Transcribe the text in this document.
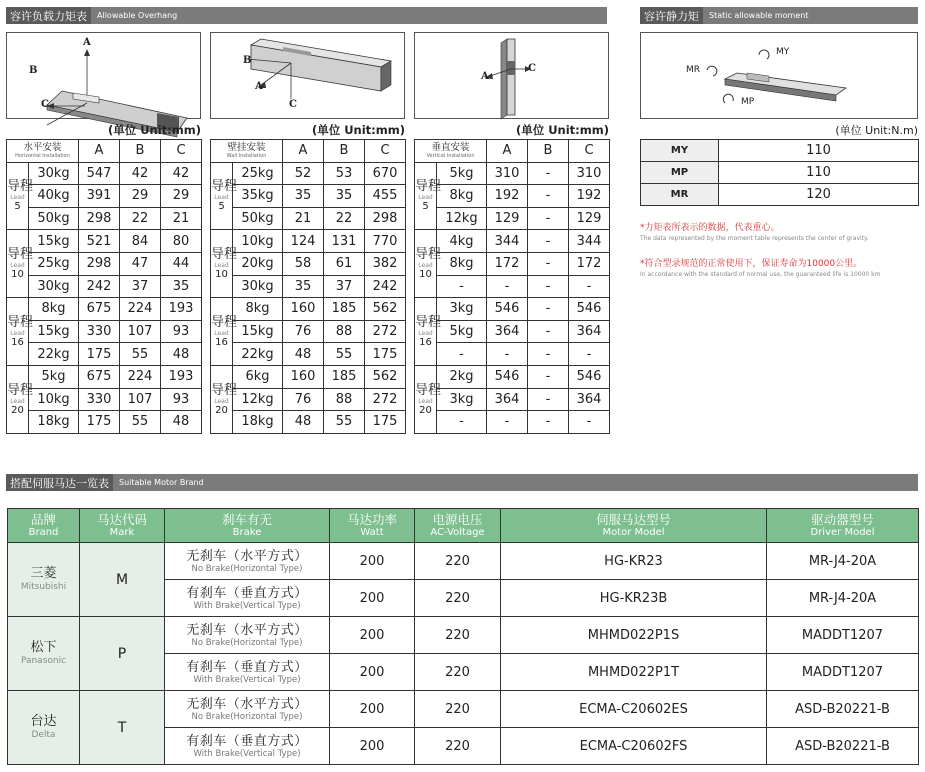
容许负载力矩表	Allowable Overhang	容许静力矩	Static allowable moment
A
B
C
B
A
C
A
C
MY
MR
MP
(单位 Unit:mm)	(单位 Unit:mm)	(单位 Unit:mm)	(单位 Unit:N.m)
水平安装
Horizontal Installation		A	B	C

导程
Lead
5	30kg	547	42	42
	40kg	391	29	29
	50kg	298	22	21

导程
Lead
10	15kg	521	84	80
	25kg	298	47	44
	30kg	242	37	35

导程
Lead
16	8kg	675	224	193
	15kg	330	107	93
	22kg	175	55	48

导程
Lead
20	5kg	675	224	193
	10kg	330	107	93
	18kg	175	55	48
壁挂安装
Wall Installation		A	B	C

导程
Lead
5	25kg	52	53	670
	35kg	35	35	455
	50kg	21	22	298

导程
Lead
10	10kg	124	131	770
	20kg	58	61	382
	30kg	35	37	242

导程
Lead
16	8kg	160	185	562
	15kg	76	88	272
	22kg	48	55	175

导程
Lead
20	6kg	160	185	562
	12kg	76	88	272
	18kg	48	55	175
垂直安装
Vertical Installation		A	B	C

导程
Lead
5	5kg	310	-	310
	8kg	192	-	192
	12kg	129	-	129

导程
Lead
10	4kg	344	-	344
	8kg	172	-	172
	-	-	-	-

导程
Lead
16	3kg	546	-	546
	5kg	364	-	364
	-	-	-	-

导程
Lead
20	2kg	546	-	546
	3kg	364	-	364
	-	-	-	-
MY	110
MP	110
MR	120
*力矩表所表示的数据，代表重心。
The data represented by the moment table represents the center of gravity.
*符合型录规范的正常使用下，保证寿命为10000公里。
In accordance with the standard of normal use, the guaranteed life is 10000 km
搭配伺服马达一览表	Suitable Motor Brand
品牌
Brand	马达代码
Mark	刹车有无
Brake	马达功率
Watt	电源电压
AC-Voltage	伺服马达型号
Motor Model	驱动器型号
Driver Model

三菱
Mitsubishi	M	无刹车（水平方式）
No Brake(Horizontal Type)	200	220	HG-KR23	MR-J4-20A

		有刹车（垂直方式）
With Brake(Vertical Type)	200	220	HG-KR23B	MR-J4-20A

松下
Panasonic	P	无刹车（水平方式）
No Brake(Horizontal Type)	200	220	MHMD022P1S	MADDT1207

		有刹车（垂直方式）
With Brake(Vertical Type)	200	220	MHMD022P1T	MADDT1207

台达
Delta	T	无刹车（水平方式）
No Brake(Horizontal Type)	200	220	ECMA-C20602ES	ASD-B20221-B

		有刹车（垂直方式）
With Brake(Vertical Type)	200	220	ECMA-C20602FS	ASD-B20221-B
